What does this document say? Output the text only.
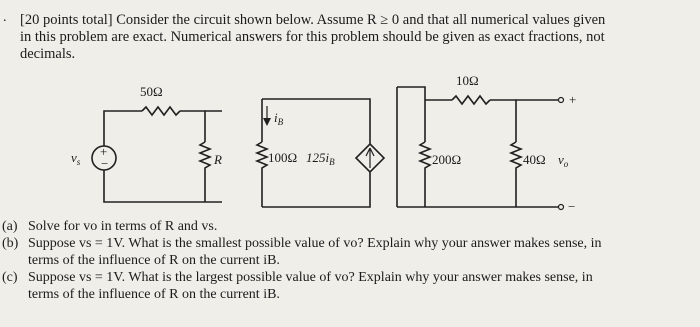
. [20 points total] Consider the circuit shown below. Assume R ≥ 0 and that all numerical values given
in this problem are exact. Numerical answers for this problem should be given as exact fractions, not
decimals.
+
−
$v_s$
50Ω
R
$i_B$
100Ω $125i_B$	200Ω
10Ω
+
40Ω $v_o$
−
(a) Solve for vo in terms of R and vs.
(b) Suppose vs = 1V. What is the smallest possible value of vo? Explain why your answer makes sense, in
terms of the influence of R on the current iB.
(c) Suppose vs = 1V. What is the largest possible value of vo? Explain why your answer makes sense, in
terms of the influence of R on the current iB.
